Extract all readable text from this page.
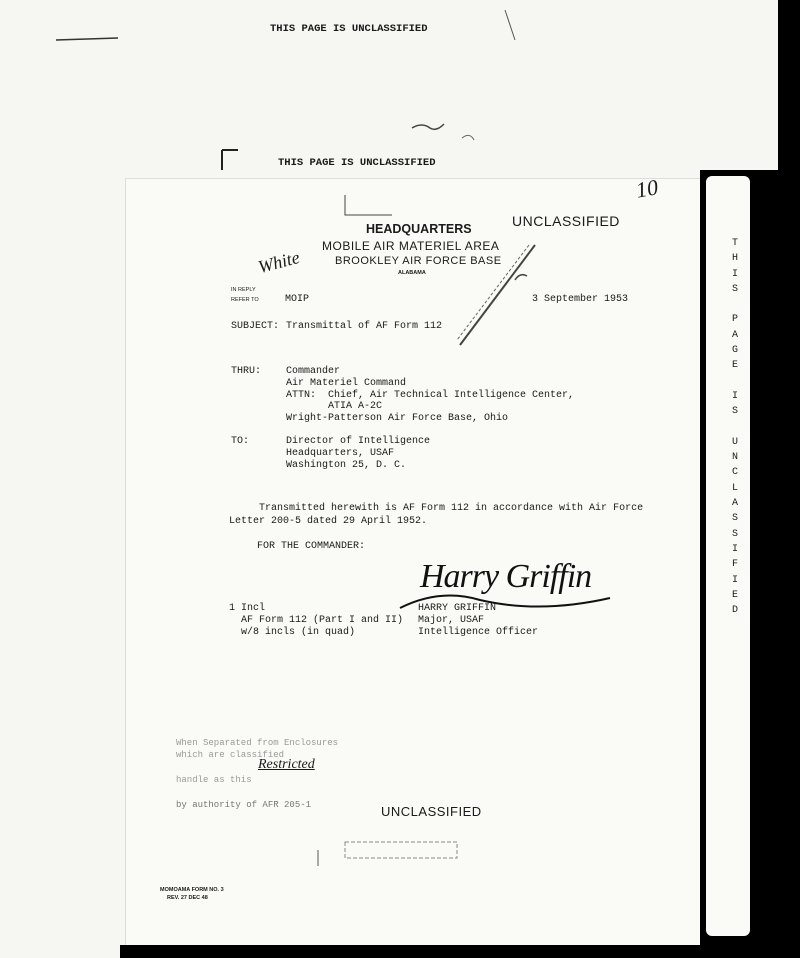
THIS PAGE IS UNCLASSIFIED
THIS PAGE IS UNCLASSIFIED
10
HEADQUARTERS
MOBILE AIR MATERIEL AREA
BROOKLEY AIR FORCE BASE
ALABAMA
UNCLASSIFIED
White
IN REPLY
REFER TO	MOIP	3 September 1953
SUBJECT: Transmittal of AF Form 112
THRU: Commander
Air Materiel Command
ATTN:  Chief, Air Technical Intelligence Center,
ATIA A-2C
Wright-Patterson Air Force Base, Ohio
TO:	Director of Intelligence
Headquarters, USAF
Washington 25, D. C.
Transmitted herewith is AF Form 112 in accordance with Air Force
Letter 200-5 dated 29 April 1952.
FOR THE COMMANDER:
Harry Griffin
1 Incl
AF Form 112 (Part I and II)
w/8 incls (in quad)
HARRY GRIFFIN
Major, USAF
Intelligence Officer
T
H
I
S
P
A
G
E
I
S
U
N
C
L
A
S
S
I
F
I
E
D
When Separated from Enclosures
which are classified
Restricted
handle as this
by authority of AFR 205-1	UNCLASSIFIED
MOMOAMA FORM NO. 3
REV. 27 DEC 48
